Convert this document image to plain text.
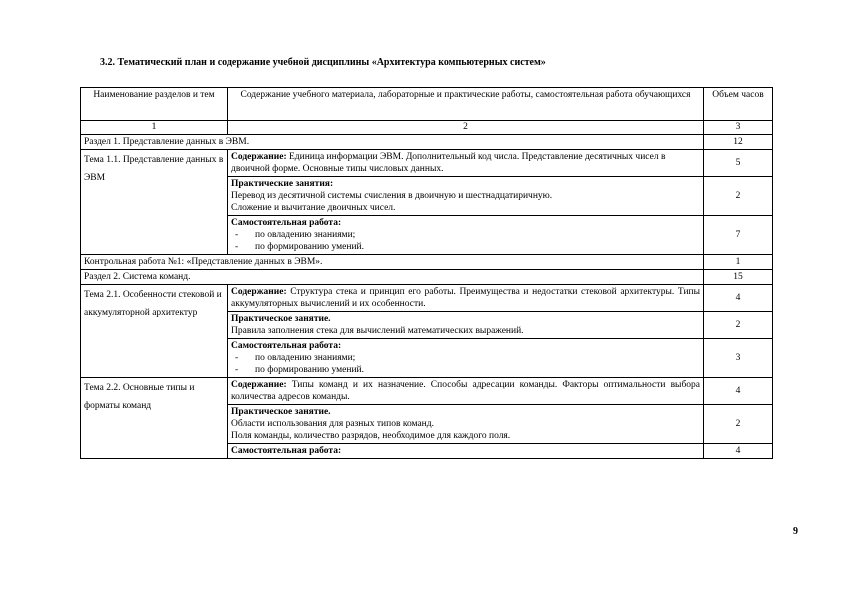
3.2. Тематический план и содержание учебной дисциплины «Архитектура компьютерных систем»
Наименование разделов и тем	Содержание учебного материала, лабораторные и практические работы, самостоятельная работа обучающихся	Объем часов
1	2	3
Раздел 1. Представление данных в ЭВМ.		12
Тема 1.1. Представление данных в ЭВМ	Содержание: Единица информации ЭВМ. Дополнительный код числа. Представление десятичных чисел в двоичной форме. Основные типы числовых данных.	5

	Практические занятия:
Перевод из десятичной системы счисления в двоичную и шестнадцатиричную.
Сложение и вычитание двоичных чисел.	2

	Самостоятельная работа:
- по овладению знаниями;
- по формированию умений.	7
Контрольная работа №1: «Представление данных в ЭВМ».		1
Раздел 2. Система команд.		15
Тема 2.1. Особенности стековой и аккумуляторной архитектур	Содержание: Структура стека и принцип его работы. Преимущества и недостатки стековой архитектуры. Типы аккумуляторных вычислений и их особенности.	4

	Практическое занятие.
Правила заполнения стека для вычислений математических выражений.	2

	Самостоятельная работа:
- по овладению знаниями;
- по формированию умений.	3
Тема 2.2. Основные типы и форматы команд	Содержание: Типы команд и их назначение. Способы адресации команды. Факторы оптимальности выбора количества адресов команды.	4

	Практическое занятие.
Области использования для разных типов команд.
Поля команды, количество разрядов, необходимое для каждого поля.	2

	Самостоятельная работа:	4
9
